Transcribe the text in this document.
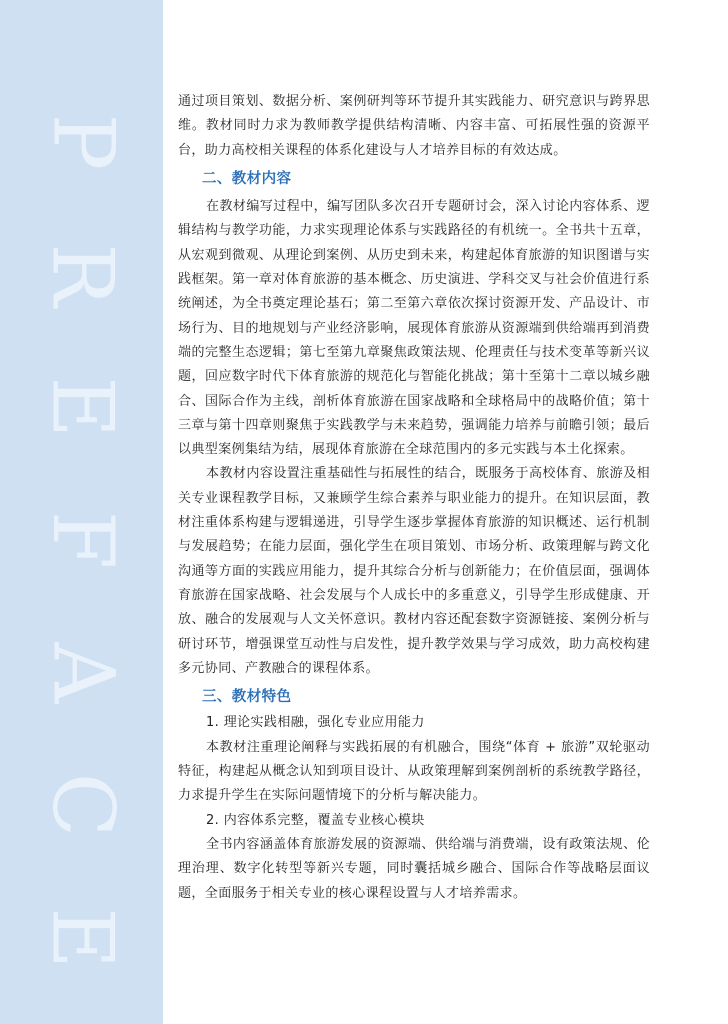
P
R
E
F
A
C
E

通过项目策划、数据分析、案例研判等环节提升其实践能力、研究意识与跨界思维。教材同时力求为教师教学提供结构清晰、内容丰富、可拓展性强的资源平台，助力高校相关课程的体系化建设与人才培养目标的有效达成。

二、教材内容

在教材编写过程中，编写团队多次召开专题研讨会，深入讨论内容体系、逻辑结构与教学功能，力求实现理论体系与实践路径的有机统一。全书共十五章，从宏观到微观、从理论到案例、从历史到未来，构建起体育旅游的知识图谱与实践框架。第一章对体育旅游的基本概念、历史演进、学科交叉与社会价值进行系统阐述，为全书奠定理论基石；第二至第六章依次探讨资源开发、产品设计、市场行为、目的地规划与产业经济影响，展现体育旅游从资源端到供给端再到消费端的完整生态逻辑；第七至第九章聚焦政策法规、伦理责任与技术变革等新兴议题，回应数字时代下体育旅游的规范化与智能化挑战；第十至第十二章以城乡融合、国际合作为主线，剖析体育旅游在国家战略和全球格局中的战略价值；第十三章与第十四章则聚焦于实践教学与未来趋势，强调能力培养与前瞻引领；最后以典型案例集结为结，展现体育旅游在全球范围内的多元实践与本土化探索。

本教材内容设置注重基础性与拓展性的结合，既服务于高校体育、旅游及相关专业课程教学目标，又兼顾学生综合素养与职业能力的提升。在知识层面，教材注重体系构建与逻辑递进，引导学生逐步掌握体育旅游的知识概述、运行机制与发展趋势；在能力层面，强化学生在项目策划、市场分析、政策理解与跨文化沟通等方面的实践应用能力，提升其综合分析与创新能力；在价值层面，强调体育旅游在国家战略、社会发展与个人成长中的多重意义，引导学生形成健康、开放、融合的发展观与人文关怀意识。教材内容还配套数字资源链接、案例分析与研讨环节，增强课堂互动性与启发性，提升教学效果与学习成效，助力高校构建多元协同、产教融合的课程体系。

三、教材特色

1. 理论实践相融，强化专业应用能力

本教材注重理论阐释与实践拓展的有机融合，围绕“体育 + 旅游”双轮驱动特征，构建起从概念认知到项目设计、从政策理解到案例剖析的系统教学路径，力求提升学生在实际问题情境下的分析与解决能力。

2. 内容体系完整，覆盖专业核心模块

全书内容涵盖体育旅游发展的资源端、供给端与消费端，设有政策法规、伦理治理、数字化转型等新兴专题，同时囊括城乡融合、国际合作等战略层面议题，全面服务于相关专业的核心课程设置与人才培养需求。
